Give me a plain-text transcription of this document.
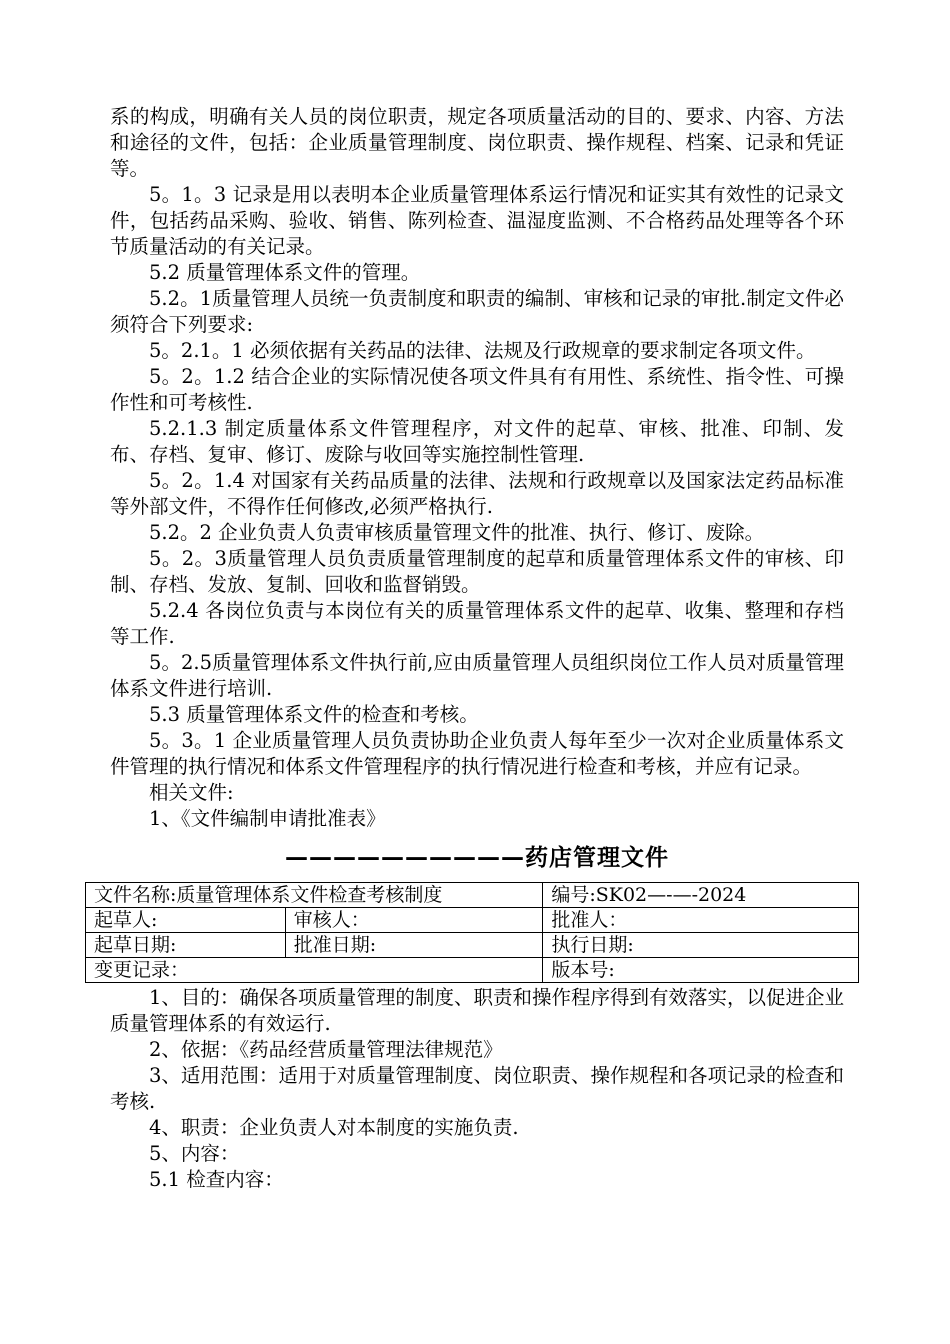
系的构成，明确有关人员的岗位职责，规定各项质量活动的目的、要求、内容、方法和途径的文件，包括：企业质量管理制度、岗位职责、操作规程、档案、记录和凭证等。

5。1。3 记录是用以表明本企业质量管理体系运行情况和证实其有效性的记录文件，包括药品采购、验收、销售、陈列检查、温湿度监测、不合格药品处理等各个环节质量活动的有关记录。

5.2 质量管理体系文件的管理。

5.2。1质量管理人员统一负责制度和职责的编制、审核和记录的审批.制定文件必须符合下列要求:

5。2.1。1 必须依据有关药品的法律、法规及行政规章的要求制定各项文件。

5。2。1.2 结合企业的实际情况使各项文件具有有用性、系统性、指令性、可操作性和可考核性.

5.2.1.3 制定质量体系文件管理程序，对文件的起草、审核、批准、印制、发布、存档、复审、修订、废除与收回等实施控制性管理.

5。2。1.4 对国家有关药品质量的法律、法规和行政规章以及国家法定药品标准等外部文件，不得作任何修改,必须严格执行.

5.2。2 企业负责人负责审核质量管理文件的批准、执行、修订、废除。

5。2。3质量管理人员负责质量管理制度的起草和质量管理体系文件的审核、印制、存档、发放、复制、回收和监督销毁。

5.2.4 各岗位负责与本岗位有关的质量管理体系文件的起草、收集、整理和存档等工作.

5。2.5质量管理体系文件执行前,应由质量管理人员组织岗位工作人员对质量管理体系文件进行培训.

5.3 质量管理体系文件的检查和考核。

5。3。1 企业质量管理人员负责协助企业负责人每年至少一次对企业质量体系文件管理的执行情况和体系文件管理程序的执行情况进行检查和考核，并应有记录。

相关文件:

1、《文件编制申请批准表》

——————————药店管理文件
文件名称:质量管理体系文件检查考核制度		编号:SK02—-—-2024
起草人:	审核人：	批准人：
起草日期:	批准日期:	执行日期:
变更记录：		版本号:

1、目的：确保各项质量管理的制度、职责和操作程序得到有效落实，以促进企业质量管理体系的有效运行.

2、依据：《药品经营质量管理法律规范》

3、适用范围：适用于对质量管理制度、岗位职责、操作规程和各项记录的检查和考核.

4、职责：企业负责人对本制度的实施负责.

5、内容：

5.1 检查内容：
